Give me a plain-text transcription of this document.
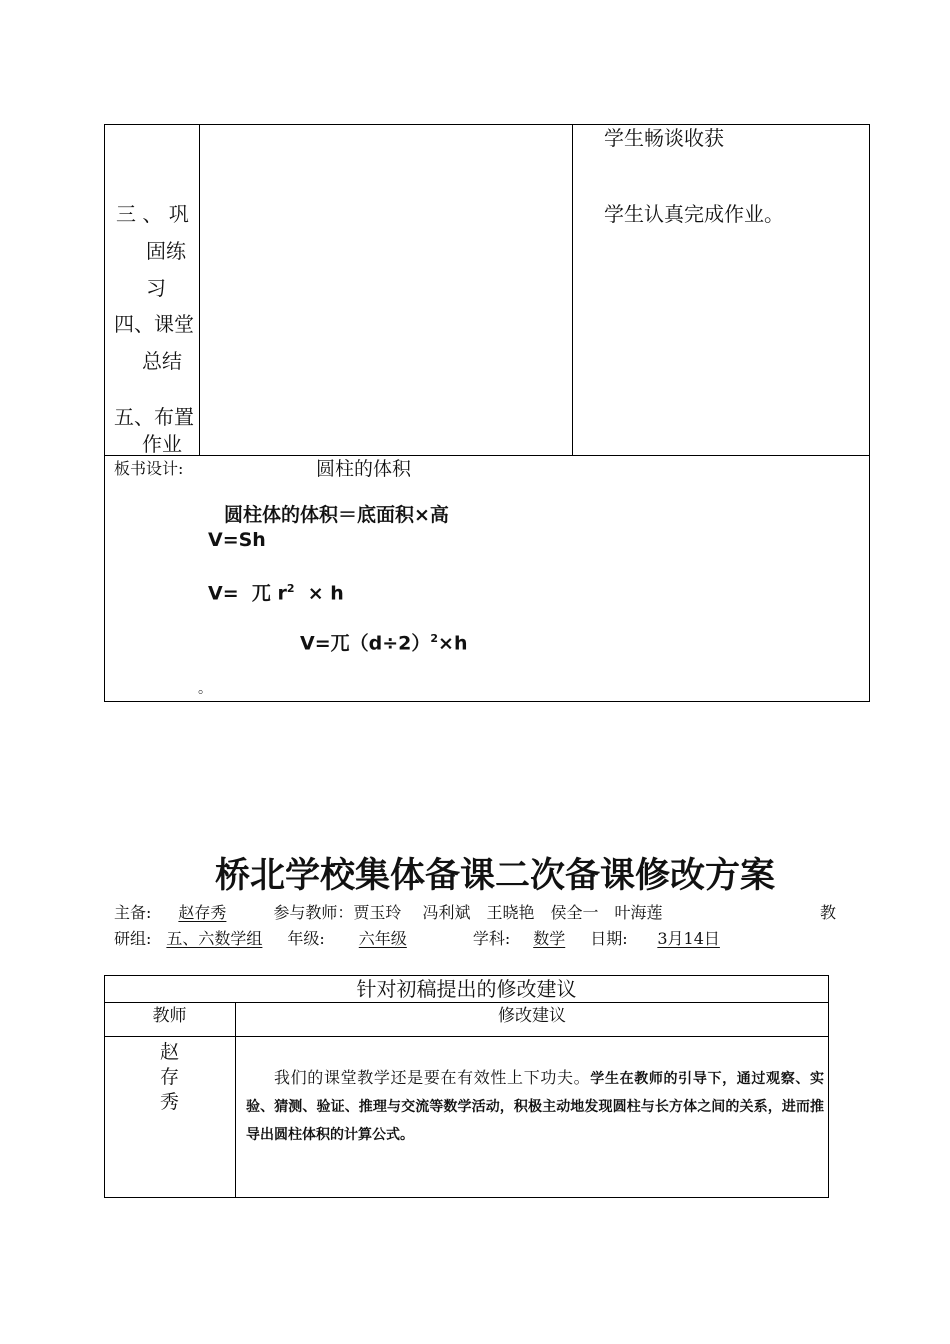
三 、 巩
固练
习
四、课堂
总结
五、布置
作业
学生畅谈收获
学生认真完成作业。
板书设计:	圆柱的体积
圆柱体的体积＝底面积×高
V=Sh
V=  兀 $r^2 \times h$
V=兀$(d\div 2)^2\times h$
。
桥北学校集体备课二次备课修改方案
主备: 赵存秀	参与教师：贾玉玲　 冯利斌　王晓艳　侯全一　叶海莲	教
研组: 五、六数学组 年级: 六年级	学科: 数学 日期: 3月14日
针对初稿提出的修改建议
教师	修改建议
赵
存
秀
我们的课堂教学还是要在有效性上下功夫。学生在教师的引导下，通过观察、实验、猜测、验证、推理与交流等数学活动，积极主动地发现圆柱与长方体之间的关系，进而推导出圆柱体积的计算公式。
